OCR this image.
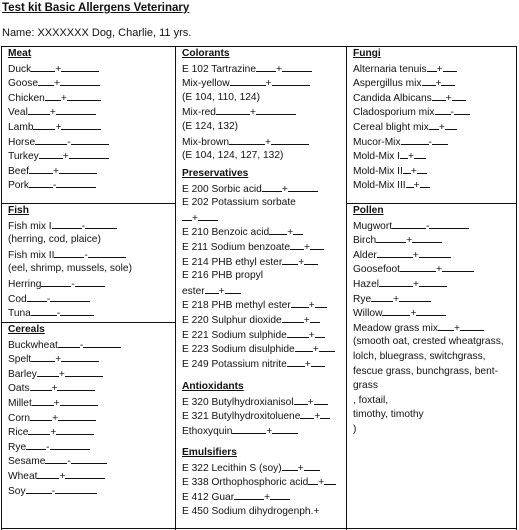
Test kit Basic Allergens Veterinary
Name: XXXXXXX Dog, Charlie, 11 yrs.
Meat
Duck +
Goose +
Chicken +
Veal +
Lamb +
Horse	-
Turkey +
Beef +
Pork -
Fish
Fish mix I	-
(herring, cod, plaice)
Fish mix II	-
(eel, shrimp, mussels, sole)
Herring	-
Cod -
Tuna	-
Cereals
Buckwheat -
Spelt +
Barley +
Oats +
Millet +
Corn +
Rice +
Rye -
Sesame -
Wheat +
Soy	-
Colorants
E 102 Tartrazine +
Mix-yellow	+
(E 104, 110, 124)
Mix-red	+
(E 124, 132)
Mix-brown	+
(E 104, 124, 127, 132)
Preservatives
E 200 Sorbic acid +
E 202 Potassium sorbate
+
E 210 Benzoic acid +
E 211 Sodium benzoate +
E 214 PHB ethyl ester +
E 216 PHB propyl
ester +
E 218 PHB methyl ester +
E 220 Sulphur dioxide +
E 221 Sodium sulphide +
E 223 Sodium disulphide +
E 249 Potassium nitrite +
Antioxidants
E 320 Butylhydroxianisol +
E 321 Butylhydroxitoluene +
Ethoxyquin	+
Emulsifiers
E 322 Lecithin S (soy) +
E 338 Orthophosphoric acid +
E 412 Guar	+
E 450 Sodium dihydrogenph.+
Fungi
Alternaria tenuis +
Aspergillus mix +
Candida Albicans +
Cladosporium mix -
Cereal blight mix +
Mucor-Mix	-
Mold-Mix I +
Mold-Mix II +
Mold-Mix III +
Pollen
Mugwort	-
Birch	+
Alder	+
Goosefoot	+
Hazel	+
Rye +
Willow	+
Meadow grass mix +
(smooth oat, crested wheatgrass,
lolch, bluegrass, switchgrass,
fescue grass, bunchgrass, bent-
grass
, foxtail,
timothy, timothy
)
